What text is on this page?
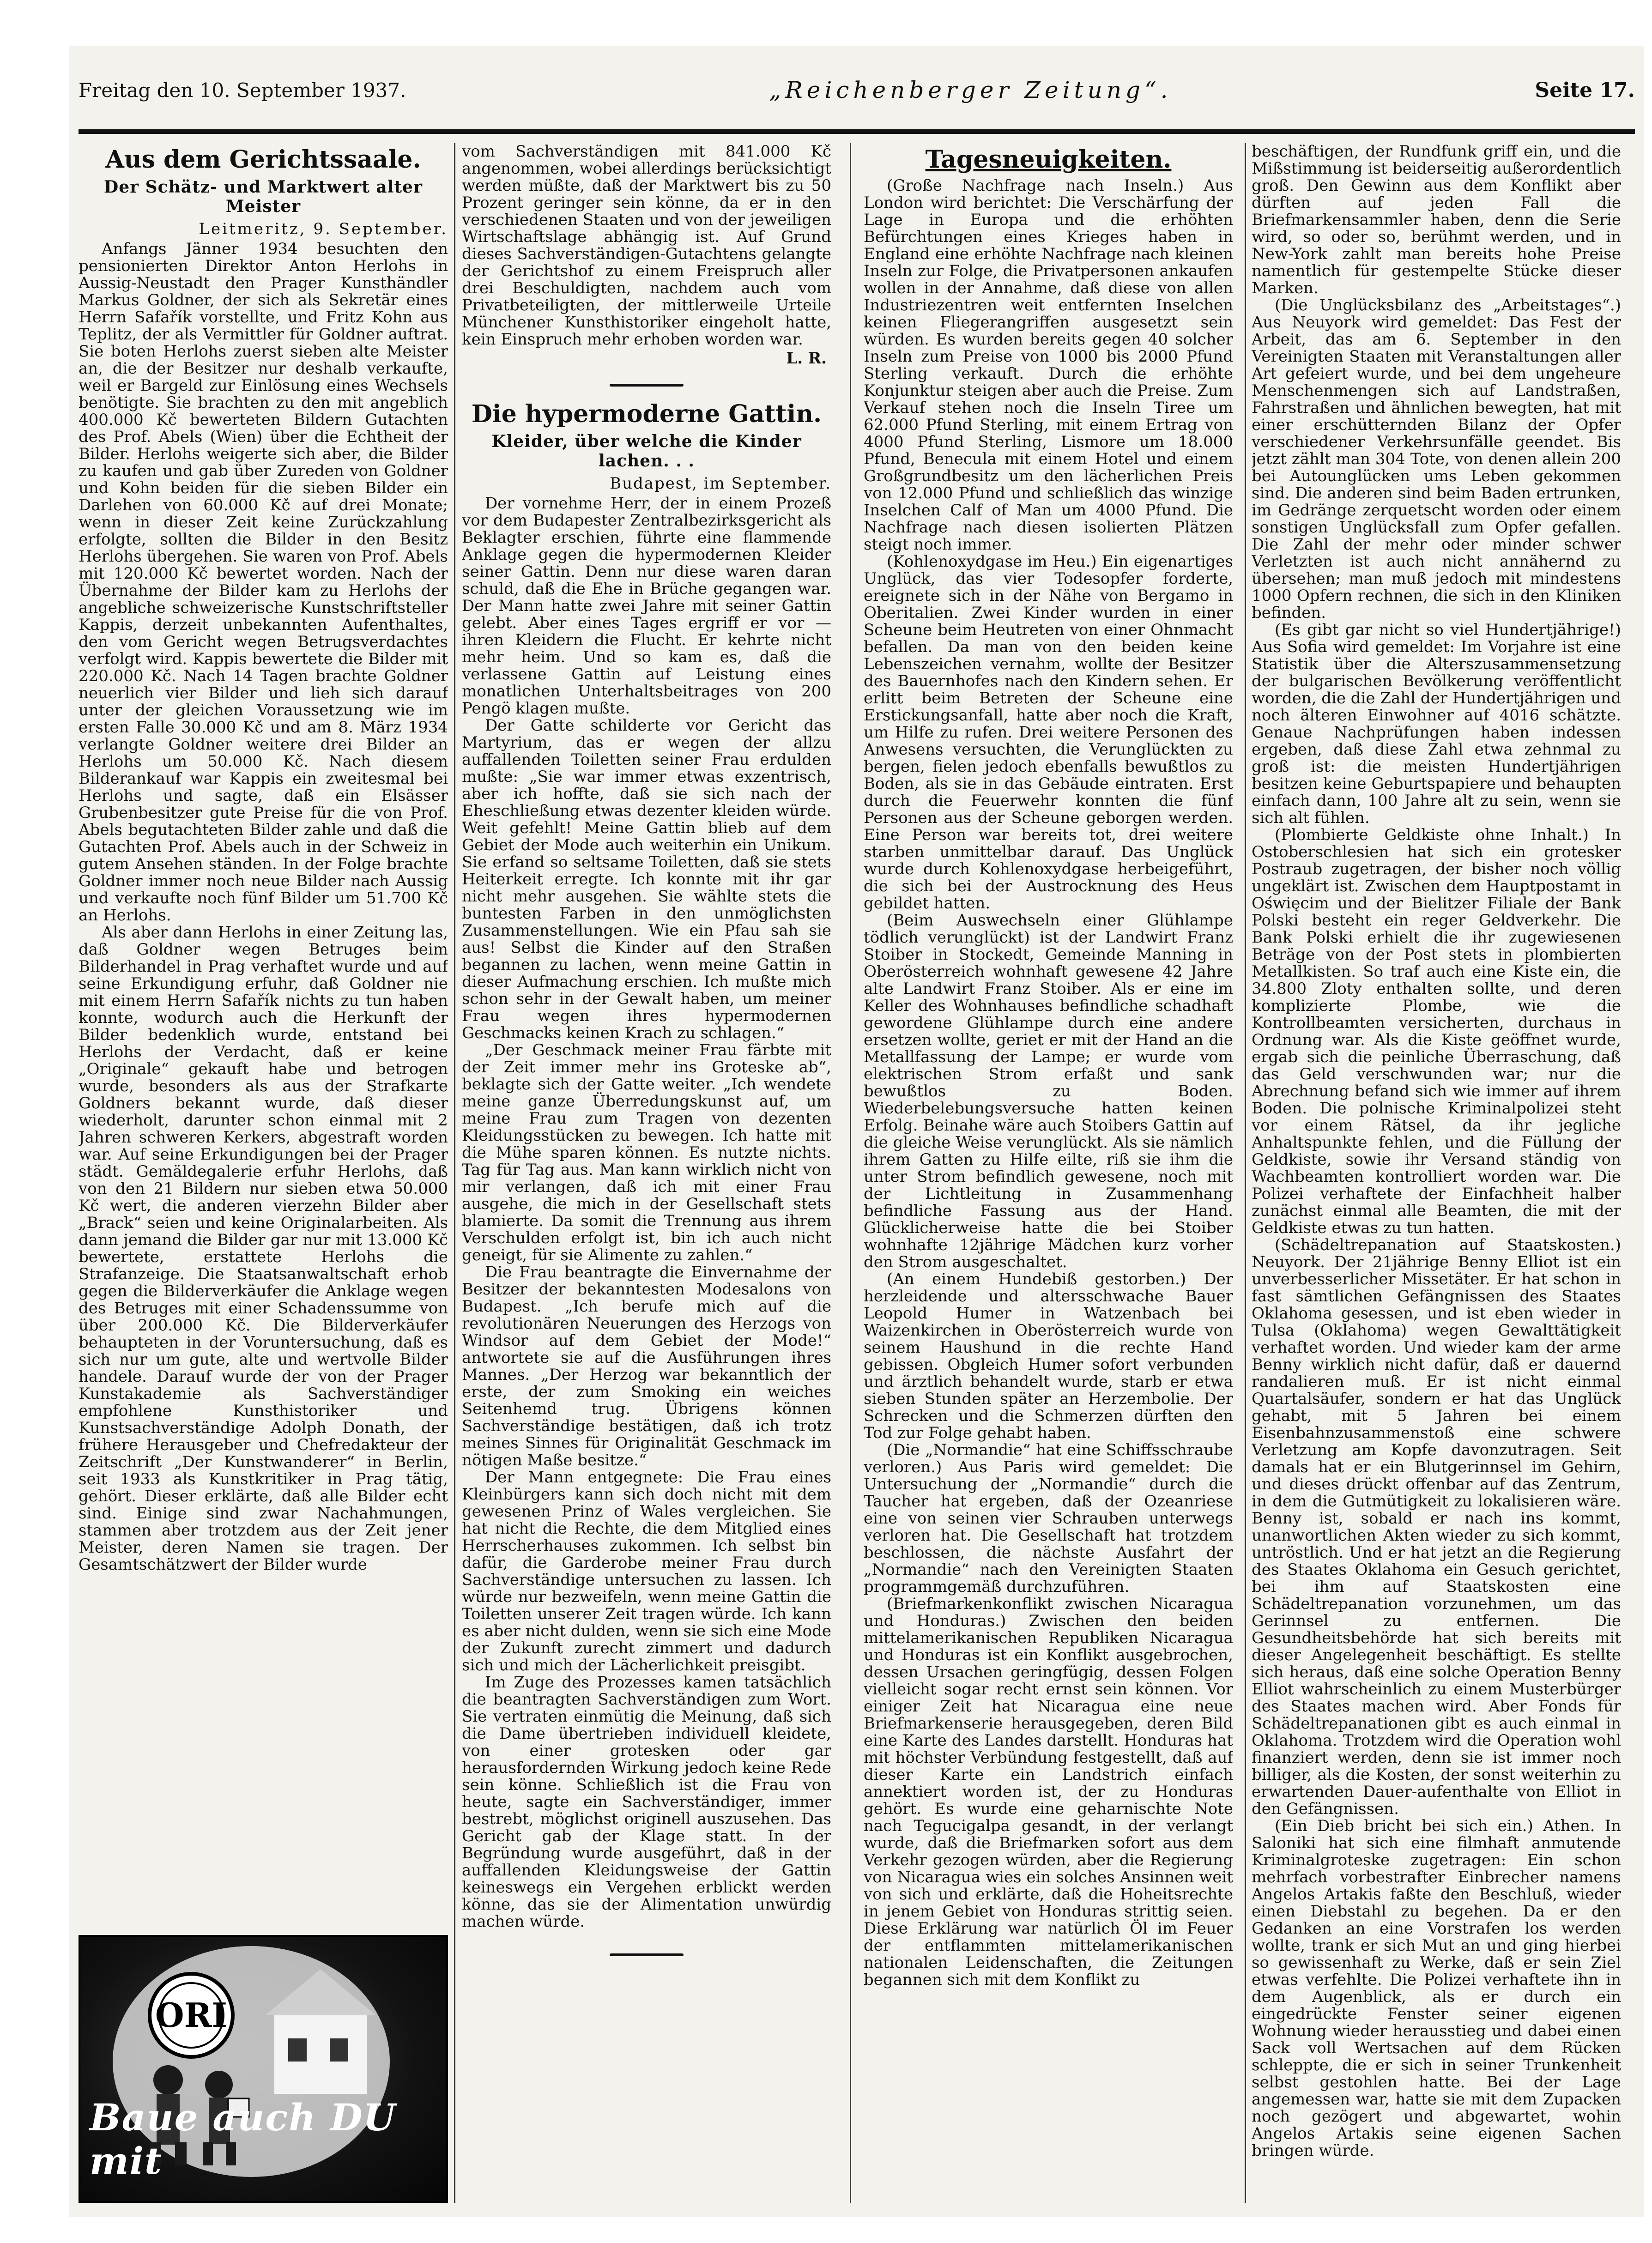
Freitag den 10. September 1937.	„Reichenberger Zeitung“.	Seite 17.
Aus dem Gerichtssaale.
Der Schätz- und Marktwert alter Meister
Leitmeritz, 9. September.

Anfangs Jänner 1934 besuchten den pensionierten Direktor Anton Herlohs in Aussig-Neustadt den Prager Kunsthändler Markus Goldner, der sich als Sekretär eines Herrn Safařík vorstellte, und Fritz Kohn aus Teplitz, der als Vermittler für Goldner auftrat. Sie boten Herlohs zuerst sieben alte Meister an, die der Besitzer nur deshalb verkaufte, weil er Bargeld zur Einlösung eines Wechsels benötigte. Sie brachten zu den mit angeblich 400.000 Kč bewerteten Bildern Gutachten des Prof. Abels (Wien) über die Echtheit der Bilder. Herlohs weigerte sich aber, die Bilder zu kaufen und gab über Zureden von Goldner und Kohn beiden für die sieben Bilder ein Darlehen von 60.000 Kč auf drei Monate; wenn in dieser Zeit keine Zurückzahlung erfolgte, sollten die Bilder in den Besitz Herlohs übergehen. Sie waren von Prof. Abels mit 120.000 Kč bewertet worden. Nach der Übernahme der Bilder kam zu Herlohs der angebliche schweizerische Kunstschriftsteller Kappis, derzeit unbekannten Aufenthaltes, den vom Gericht wegen Betrugsverdachtes verfolgt wird. Kappis bewertete die Bilder mit 220.000 Kč. Nach 14 Tagen brachte Goldner neuerlich vier Bilder und lieh sich darauf unter der gleichen Voraussetzung wie im ersten Falle 30.000 Kč und am 8. März 1934 verlangte Goldner weitere drei Bilder an Herlohs um 50.000 Kč. Nach diesem Bilderankauf war Kappis ein zweitesmal bei Herlohs und sagte, daß ein Elsässer Grubenbesitzer gute Preise für die von Prof. Abels begutachteten Bilder zahle und daß die Gutachten Prof. Abels auch in der Schweiz in gutem Ansehen ständen. In der Folge brachte Goldner immer noch neue Bilder nach Aussig und verkaufte noch fünf Bilder um 51.700 Kč an Herlohs.

Als aber dann Herlohs in einer Zeitung las, daß Goldner wegen Betruges beim Bilderhandel in Prag verhaftet wurde und auf seine Erkundigung erfuhr, daß Goldner nie mit einem Herrn Safařík nichts zu tun haben konnte, wodurch auch die Herkunft der Bilder bedenklich wurde, entstand bei Herlohs der Verdacht, daß er keine „Originale“ gekauft habe und betrogen wurde, besonders als aus der Strafkarte Goldners bekannt wurde, daß dieser wiederholt, darunter schon einmal mit 2 Jahren schweren Kerkers, abgestraft worden war. Auf seine Erkundigungen bei der Prager städt. Gemäldegalerie erfuhr Herlohs, daß von den 21 Bildern nur sieben etwa 50.000 Kč wert, die anderen vierzehn Bilder aber „Brack“ seien und keine Originalarbeiten. Als dann jemand die Bilder gar nur mit 13.000 Kč bewertete, erstattete Herlohs die Strafanzeige. Die Staatsanwaltschaft erhob gegen die Bilderverkäufer die Anklage wegen des Betruges mit einer Schadenssumme von über 200.000 Kč. Die Bilderverkäufer behaupteten in der Voruntersuchung, daß es sich nur um gute, alte und wertvolle Bilder handele. Darauf wurde der von der Prager Kunstakademie als Sachverständiger empfohlene Kunsthistoriker und Kunstsachverständige Adolph Donath, der frühere Herausgeber und Chefredakteur der Zeitschrift „Der Kunstwanderer“ in Berlin, seit 1933 als Kunstkritiker in Prag tätig, gehört. Dieser erklärte, daß alle Bilder echt sind. Einige sind zwar Nachahmungen, stammen aber trotzdem aus der Zeit jener Meister, deren Namen sie tragen. Der Gesamtschätzwert der Bilder wurde

ORI
Baue auch DU mit

vom Sachverständigen mit 841.000 Kč angenommen, wobei allerdings berücksichtigt werden müßte, daß der Marktwert bis zu 50 Prozent geringer sein könne, da er in den verschiedenen Staaten und von der jeweiligen Wirtschaftslage abhängig ist. Auf Grund dieses Sachverständigen-Gutachtens gelangte der Gerichtshof zu einem Freispruch aller drei Beschuldigten, nachdem auch vom Privatbeteiligten, der mittlerweile Urteile Münchener Kunsthistoriker eingeholt hatte, kein Einspruch mehr erhoben worden war.

L. R.
Die hypermoderne Gattin.
Kleider, über welche die Kinder lachen. . .
Budapest, im September.

Der vornehme Herr, der in einem Prozeß vor dem Budapester Zentralbezirksgericht als Beklagter erschien, führte eine flammende Anklage gegen die hypermodernen Kleider seiner Gattin. Denn nur diese waren daran schuld, daß die Ehe in Brüche gegangen war. Der Mann hatte zwei Jahre mit seiner Gattin gelebt. Aber eines Tages ergriff er vor — ihren Kleidern die Flucht. Er kehrte nicht mehr heim. Und so kam es, daß die verlassene Gattin auf Leistung eines monatlichen Unterhaltsbeitrages von 200 Pengö klagen mußte.

Der Gatte schilderte vor Gericht das Martyrium, das er wegen der allzu auffallenden Toiletten seiner Frau erdulden mußte: „Sie war immer etwas exzentrisch, aber ich hoffte, daß sie sich nach der Eheschließung etwas dezenter kleiden würde. Weit gefehlt! Meine Gattin blieb auf dem Gebiet der Mode auch weiterhin ein Unikum. Sie erfand so seltsame Toiletten, daß sie stets Heiterkeit erregte. Ich konnte mit ihr gar nicht mehr ausgehen. Sie wählte stets die buntesten Farben in den unmöglichsten Zusammenstellungen. Wie ein Pfau sah sie aus! Selbst die Kinder auf den Straßen begannen zu lachen, wenn meine Gattin in dieser Aufmachung erschien. Ich mußte mich schon sehr in der Gewalt haben, um meiner Frau wegen ihres hypermodernen Geschmacks keinen Krach zu schlagen.“

„Der Geschmack meiner Frau färbte mit der Zeit immer mehr ins Groteske ab“, beklagte sich der Gatte weiter. „Ich wendete meine ganze Überredungskunst auf, um meine Frau zum Tragen von dezenten Kleidungsstücken zu bewegen. Ich hatte mit die Mühe sparen können. Es nutzte nichts. Tag für Tag aus. Man kann wirklich nicht von mir verlangen, daß ich mit einer Frau ausgehe, die mich in der Gesellschaft stets blamierte. Da somit die Trennung aus ihrem Verschulden erfolgt ist, bin ich auch nicht geneigt, für sie Alimente zu zahlen.“

Die Frau beantragte die Einvernahme der Besitzer der bekanntesten Modesalons von Budapest. „Ich berufe mich auf die revolutionären Neuerungen des Herzogs von Windsor auf dem Gebiet der Mode!“ antwortete sie auf die Ausführungen ihres Mannes. „Der Herzog war bekanntlich der erste, der zum Smoking ein weiches Seitenhemd trug. Übrigens können Sachverständige bestätigen, daß ich trotz meines Sinnes für Originalität Geschmack im nötigen Maße besitze.“

Der Mann entgegnete: Die Frau eines Kleinbürgers kann sich doch nicht mit dem gewesenen Prinz of Wales vergleichen. Sie hat nicht die Rechte, die dem Mitglied eines Herrscherhauses zukommen. Ich selbst bin dafür, die Garderobe meiner Frau durch Sachverständige untersuchen zu lassen. Ich würde nur bezweifeln, wenn meine Gattin die Toiletten unserer Zeit tragen würde. Ich kann es aber nicht dulden, wenn sie sich eine Mode der Zukunft zurecht zimmert und dadurch sich und mich der Lächerlichkeit preisgibt.

Im Zuge des Prozesses kamen tatsächlich die beantragten Sachverständigen zum Wort. Sie vertraten einmütig die Meinung, daß sich die Dame übertrieben individuell kleidete, von einer grotesken oder gar herausfordernden Wirkung jedoch keine Rede sein könne. Schließlich ist die Frau von heute, sagte ein Sachverständiger, immer bestrebt, möglichst originell auszusehen. Das Gericht gab der Klage statt. In der Begründung wurde ausgeführt, daß in der auffallenden Kleidungsweise der Gattin keineswegs ein Vergehen erblickt werden könne, das sie der Alimentation unwürdig machen würde.

Tagesneuigkeiten.

(Große Nachfrage nach Inseln.) Aus London wird berichtet: Die Verschärfung der Lage in Europa und die erhöhten Befürchtungen eines Krieges haben in England eine erhöhte Nachfrage nach kleinen Inseln zur Folge, die Privatpersonen ankaufen wollen in der Annahme, daß diese von allen Industriezentren weit entfernten Inselchen keinen Fliegerangriffen ausgesetzt sein würden. Es wurden bereits gegen 40 solcher Inseln zum Preise von 1000 bis 2000 Pfund Sterling verkauft. Durch die erhöhte Konjunktur steigen aber auch die Preise. Zum Verkauf stehen noch die Inseln Tiree um 62.000 Pfund Sterling, mit einem Ertrag von 4000 Pfund Sterling, Lismore um 18.000 Pfund, Benecula mit einem Hotel und einem Großgrundbesitz um den lächerlichen Preis von 12.000 Pfund und schließlich das winzige Inselchen Calf of Man um 4000 Pfund. Die Nachfrage nach diesen isolierten Plätzen steigt noch immer.

(Kohlenoxydgase im Heu.) Ein eigenartiges Unglück, das vier Todesopfer forderte, ereignete sich in der Nähe von Bergamo in Oberitalien. Zwei Kinder wurden in einer Scheune beim Heutreten von einer Ohnmacht befallen. Da man von den beiden keine Lebenszeichen vernahm, wollte der Besitzer des Bauernhofes nach den Kindern sehen. Er erlitt beim Betreten der Scheune eine Erstickungsanfall, hatte aber noch die Kraft, um Hilfe zu rufen. Drei weitere Personen des Anwesens versuchten, die Verunglückten zu bergen, fielen jedoch ebenfalls bewußtlos zu Boden, als sie in das Gebäude eintraten. Erst durch die Feuerwehr konnten die fünf Personen aus der Scheune geborgen werden. Eine Person war bereits tot, drei weitere starben unmittelbar darauf. Das Unglück wurde durch Kohlenoxydgase herbeigeführt, die sich bei der Austrocknung des Heus gebildet hatten.

(Beim Auswechseln einer Glühlampe tödlich verunglückt) ist der Landwirt Franz Stoiber in Stockedt, Gemeinde Manning in Oberösterreich wohnhaft gewesene 42 Jahre alte Landwirt Franz Stoiber. Als er eine im Keller des Wohnhauses befindliche schadhaft gewordene Glühlampe durch eine andere ersetzen wollte, geriet er mit der Hand an die Metallfassung der Lampe; er wurde vom elektrischen Strom erfaßt und sank bewußtlos zu Boden. Wiederbelebungsversuche hatten keinen Erfolg. Beinahe wäre auch Stoibers Gattin auf die gleiche Weise verunglückt. Als sie nämlich ihrem Gatten zu Hilfe eilte, riß sie ihm die unter Strom befindlich gewesene, noch mit der Lichtleitung in Zusammenhang befindliche Fassung aus der Hand. Glücklicherweise hatte die bei Stoiber wohnhafte 12jährige Mädchen kurz vorher den Strom ausgeschaltet.

(An einem Hundebiß gestorben.) Der herzleidende und altersschwache Bauer Leopold Humer in Watzenbach bei Waizenkirchen in Oberösterreich wurde von seinem Haushund in die rechte Hand gebissen. Obgleich Humer sofort verbunden und ärztlich behandelt wurde, starb er etwa sieben Stunden später an Herzembolie. Der Schrecken und die Schmerzen dürften den Tod zur Folge gehabt haben.

(Die „Normandie“ hat eine Schiffsschraube verloren.) Aus Paris wird gemeldet: Die Untersuchung der „Normandie“ durch die Taucher hat ergeben, daß der Ozeanriese eine von seinen vier Schrauben unterwegs verloren hat. Die Gesellschaft hat trotzdem beschlossen, die nächste Ausfahrt der „Normandie“ nach den Vereinigten Staaten programmgemäß durchzuführen.

(Briefmarkenkonflikt zwischen Nicaragua und Honduras.) Zwischen den beiden mittelamerikanischen Republiken Nicaragua und Honduras ist ein Konflikt ausgebrochen, dessen Ursachen geringfügig, dessen Folgen vielleicht sogar recht ernst sein können. Vor einiger Zeit hat Nicaragua eine neue Briefmarkenserie herausgegeben, deren Bild eine Karte des Landes darstellt. Honduras hat mit höchster Verbündung festgestellt, daß auf dieser Karte ein Landstrich einfach annektiert worden ist, der zu Honduras gehört. Es wurde eine geharnischte Note nach Tegucigalpa gesandt, in der verlangt wurde, daß die Briefmarken sofort aus dem Verkehr gezogen würden, aber die Regierung von Nicaragua wies ein solches Ansinnen weit von sich und erklärte, daß die Hoheitsrechte in jenem Gebiet von Honduras strittig seien. Diese Erklärung war natürlich Öl im Feuer der entflammten mittelamerikanischen nationalen Leidenschaften, die Zeitungen begannen sich mit dem Konflikt zu

beschäftigen, der Rundfunk griff ein, und die Mißstimmung ist beiderseitig außerordentlich groß. Den Gewinn aus dem Konflikt aber dürften auf jeden Fall die Briefmarkensammler haben, denn die Serie wird, so oder so, berühmt werden, und in New-York zahlt man bereits hohe Preise namentlich für gestempelte Stücke dieser Marken.

(Die Unglücksbilanz des „Arbeitstages“.) Aus Neuyork wird gemeldet: Das Fest der Arbeit, das am 6. September in den Vereinigten Staaten mit Veranstaltungen aller Art gefeiert wurde, und bei dem ungeheure Menschenmengen sich auf Landstraßen, Fahrstraßen und ähnlichen bewegten, hat mit einer erschütternden Bilanz der Opfer verschiedener Verkehrsunfälle geendet. Bis jetzt zählt man 304 Tote, von denen allein 200 bei Autounglücken ums Leben gekommen sind. Die anderen sind beim Baden ertrunken, im Gedränge zerquetscht worden oder einem sonstigen Unglücksfall zum Opfer gefallen. Die Zahl der mehr oder minder schwer Verletzten ist auch nicht annähernd zu übersehen; man muß jedoch mit mindestens 1000 Opfern rechnen, die sich in den Kliniken befinden.

(Es gibt gar nicht so viel Hundertjährige!) Aus Sofia wird gemeldet: Im Vorjahre ist eine Statistik über die Alterszusammensetzung der bulgarischen Bevölkerung veröffentlicht worden, die die Zahl der Hundertjährigen und noch älteren Einwohner auf 4016 schätzte. Genaue Nachprüfungen haben indessen ergeben, daß diese Zahl etwa zehnmal zu groß ist: die meisten Hundertjährigen besitzen keine Geburtspapiere und behaupten einfach dann, 100 Jahre alt zu sein, wenn sie sich alt fühlen.

(Plombierte Geldkiste ohne Inhalt.) In Ostoberschlesien hat sich ein grotesker Postraub zugetragen, der bisher noch völlig ungeklärt ist. Zwischen dem Hauptpostamt in Oświęcim und der Bielitzer Filiale der Bank Polski besteht ein reger Geldverkehr. Die Bank Polski erhielt die ihr zugewiesenen Beträge von der Post stets in plombierten Metallkisten. So traf auch eine Kiste ein, die 34.800 Zloty enthalten sollte, und deren komplizierte Plombe, wie die Kontrollbeamten versicherten, durchaus in Ordnung war. Als die Kiste geöffnet wurde, ergab sich die peinliche Überraschung, daß das Geld verschwunden war; nur die Abrechnung befand sich wie immer auf ihrem Boden. Die polnische Kriminalpolizei steht vor einem Rätsel, da ihr jegliche Anhaltspunkte fehlen, und die Füllung der Geldkiste, sowie ihr Versand ständig von Wachbeamten kontrolliert worden war. Die Polizei verhaftete der Einfachheit halber zunächst einmal alle Beamten, die mit der Geldkiste etwas zu tun hatten.

(Schädeltrepanation auf Staatskosten.) Neuyork. Der 21jährige Benny Elliot ist ein unverbesserlicher Missetäter. Er hat schon in fast sämtlichen Gefängnissen des Staates Oklahoma gesessen, und ist eben wieder in Tulsa (Oklahoma) wegen Gewalttätigkeit verhaftet worden. Und wieder kam der arme Benny wirklich nicht dafür, daß er dauernd randalieren muß. Er ist nicht einmal Quartalsäufer, sondern er hat das Unglück gehabt, mit 5 Jahren bei einem Eisenbahnzusammenstoß eine schwere Verletzung am Kopfe davonzutragen. Seit damals hat er ein Blutgerinnsel im Gehirn, und dieses drückt offenbar auf das Zentrum, in dem die Gutmütigkeit zu lokalisieren wäre. Benny ist, sobald er nach ins kommt, unanwortlichen Akten wieder zu sich kommt, untröstlich. Und er hat jetzt an die Regierung des Staates Oklahoma ein Gesuch gerichtet, bei ihm auf Staatskosten eine Schädeltrepanation vorzunehmen, um das Gerinnsel zu entfernen. Die Gesundheitsbehörde hat sich bereits mit dieser Angelegenheit beschäftigt. Es stellte sich heraus, daß eine solche Operation Benny Elliot wahrscheinlich zu einem Musterbürger des Staates machen wird. Aber Fonds für Schädeltrepanationen gibt es auch einmal in Oklahoma. Trotzdem wird die Operation wohl finanziert werden, denn sie ist immer noch billiger, als die Kosten, der sonst weiterhin zu erwartenden Dauer-aufenthalte von Elliot in den Gefängnissen.

(Ein Dieb bricht bei sich ein.) Athen. In Saloniki hat sich eine filmhaft anmutende Kriminalgroteske zugetragen: Ein schon mehrfach vorbestrafter Einbrecher namens Angelos Artakis faßte den Beschluß, wieder einen Diebstahl zu begehen. Da er den Gedanken an eine Vorstrafen los werden wollte, trank er sich Mut an und ging hierbei so gewissenhaft zu Werke, daß er sein Ziel etwas verfehlte. Die Polizei verhaftete ihn in dem Augenblick, als er durch ein eingedrückte Fenster seiner eigenen Wohnung wieder herausstieg und dabei einen Sack voll Wertsachen auf dem Rücken schleppte, die er sich in seiner Trunkenheit selbst gestohlen hatte. Bei der Lage angemessen war, hatte sie mit dem Zupacken noch gezögert und abgewartet, wohin Angelos Artakis seine eigenen Sachen bringen würde.
